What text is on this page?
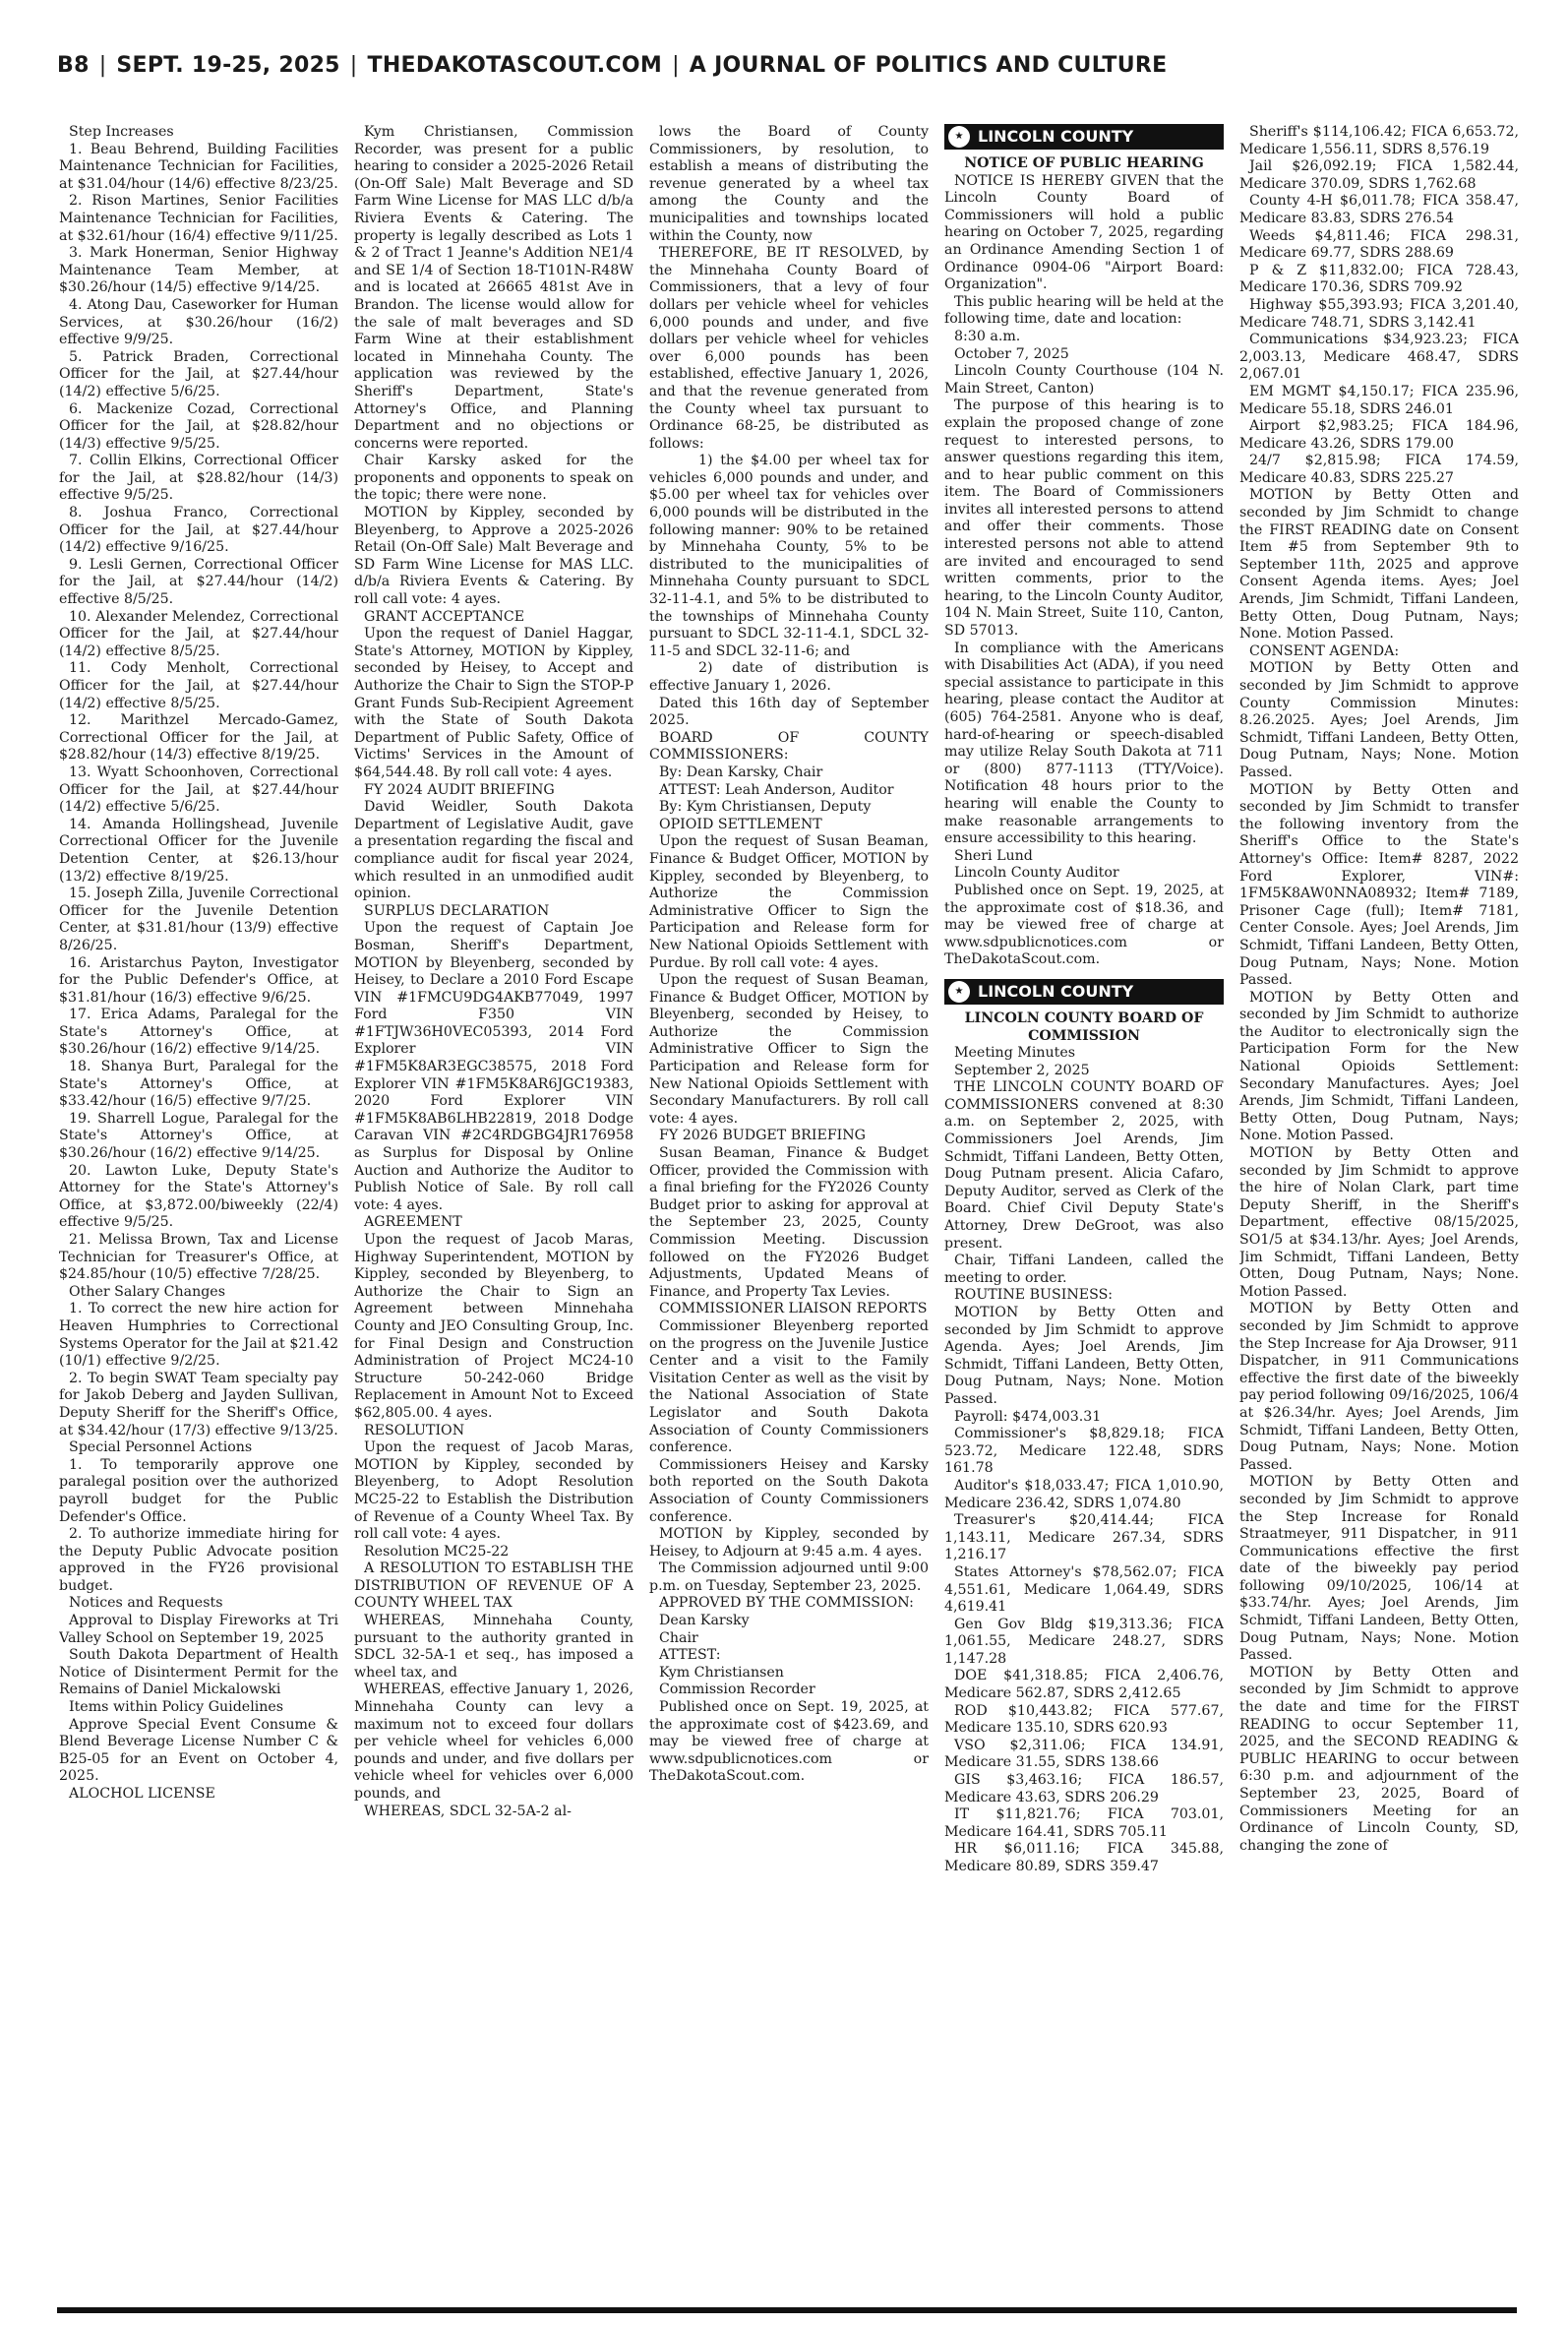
B8 | SEPT. 19-25, 2025 | THEDAKOTASCOUT.COM | A JOURNAL OF POLITICS AND CULTURE

Step Increases

1. Beau Behrend, Building Facilities Maintenance Technician for Facilities, at $31.04/hour (14/6) effective 8/23/25.

2. Rison Martines, Senior Facilities Maintenance Technician for Facilities, at $32.61/hour (16/4) effective 9/11/25.

3. Mark Honerman, Senior Highway Maintenance Team Member, at $30.26/hour (14/5) effective 9/14/25.

4. Atong Dau, Caseworker for Human Services, at $30.26/hour (16/2) effective 9/9/25.

5. Patrick Braden, Correctional Officer for the Jail, at $27.44/hour (14/2) effective 5/6/25.

6. Mackenize Cozad, Correctional Officer for the Jail, at $28.82/hour (14/3) effective 9/5/25.

7. Collin Elkins, Correctional Officer for the Jail, at $28.82/hour (14/3) effective 9/5/25.

8. Joshua Franco, Correctional Officer for the Jail, at $27.44/hour (14/2) effective 9/16/25.

9. Lesli Gernen, Correctional Officer for the Jail, at $27.44/hour (14/2) effective 8/5/25.

10. Alexander Melendez, Correctional Officer for the Jail, at $27.44/hour (14/2) effective 8/5/25.

11. Cody Menholt, Correctional Officer for the Jail, at $27.44/hour (14/2) effective 8/5/25.

12. Marithzel Mercado-Gamez, Correctional Officer for the Jail, at $28.82/hour (14/3) effective 8/19/25.

13. Wyatt Schoonhoven, Correctional Officer for the Jail, at $27.44/hour (14/2) effective 5/6/25.

14. Amanda Hollingshead, Juvenile Correctional Officer for the Juvenile Detention Center, at $26.13/hour (13/2) effective 8/19/25.

15. Joseph Zilla, Juvenile Correctional Officer for the Juvenile Detention Center, at $31.81/hour (13/9) effective 8/26/25.

16. Aristarchus Payton, Investigator for the Public Defender's Office, at $31.81/hour (16/3) effective 9/6/25.

17. Erica Adams, Paralegal for the State's Attorney's Office, at $30.26/hour (16/2) effective 9/14/25.

18. Shanya Burt, Paralegal for the State's Attorney's Office, at $33.42/hour (16/5) effective 9/7/25.

19. Sharrell Logue, Paralegal for the State's Attorney's Office, at $30.26/hour (16/2) effective 9/14/25.

20. Lawton Luke, Deputy State's Attorney for the State's Attorney's Office, at $3,872.00/biweekly (22/4) effective 9/5/25.

21. Melissa Brown, Tax and License Technician for Treasurer's Office, at $24.85/hour (10/5) effective 7/28/25.

Other Salary Changes

1. To correct the new hire action for Heaven Humphries to Correctional Systems Operator for the Jail at $21.42 (10/1) effective 9/2/25.

2. To begin SWAT Team specialty pay for Jakob Deberg and Jayden Sullivan, Deputy Sheriff for the Sheriff's Office, at $34.42/hour (17/3) effective 9/13/25.

Special Personnel Actions

1. To temporarily approve one paralegal position over the authorized payroll budget for the Public Defender's Office.

2. To authorize immediate hiring for the Deputy Public Advocate position approved in the FY26 provisional budget.

Notices and Requests

Approval to Display Fireworks at Tri Valley School on September 19, 2025

South Dakota Department of Health Notice of Disinterment Permit for the Remains of Daniel Mickalowski

Items within Policy Guidelines

Approve Special Event Consume & Blend Beverage License Number C & B25-05 for an Event on October 4, 2025.

ALOCHOL LICENSE

Kym Christiansen, Commission Recorder, was present for a public hearing to consider a 2025-2026 Retail (On-Off Sale) Malt Beverage and SD Farm Wine License for MAS LLC d/b/a Riviera Events & Catering. The property is legally described as Lots 1 & 2 of Tract 1 Jeanne's Addition NE1/4 and SE 1/4 of Section 18-T101N-R48W and is located at 26665 481st Ave in Brandon. The license would allow for the sale of malt beverages and SD Farm Wine at their establishment located in Minnehaha County. The application was reviewed by the Sheriff's Department, State's Attorney's Office, and Planning Department and no objections or concerns were reported.

Chair Karsky asked for the proponents and opponents to speak on the topic; there were none.

MOTION by Kippley, seconded by Bleyenberg, to Approve a 2025-2026 Retail (On-Off Sale) Malt Beverage and SD Farm Wine License for MAS LLC. d/b/a Riviera Events & Catering. By roll call vote: 4 ayes.

GRANT ACCEPTANCE

Upon the request of Daniel Haggar, State's Attorney, MOTION by Kippley, seconded by Heisey, to Accept and Authorize the Chair to Sign the STOP-P Grant Funds Sub-Recipient Agreement with the State of South Dakota Department of Public Safety, Office of Victims' Services in the Amount of $64,544.48. By roll call vote: 4 ayes.

FY 2024 AUDIT BRIEFING

David Weidler, South Dakota Department of Legislative Audit, gave a presentation regarding the fiscal and compliance audit for fiscal year 2024, which resulted in an unmodified audit opinion.

SURPLUS DECLARATION

Upon the request of Captain Joe Bosman, Sheriff's Department, MOTION by Bleyenberg, seconded by Heisey, to Declare a 2010 Ford Escape VIN #1FMCU9DG4AKB77049, 1997 Ford F350 VIN #1FTJW36H0VEC05393, 2014 Ford Explorer VIN #1FM5K8AR3EGC38575, 2018 Ford Explorer VIN #1FM5K8AR6JGC19383, 2020 Ford Explorer VIN #1FM5K8AB6LHB22819, 2018 Dodge Caravan VIN #2C4RDGBG4JR176958 as Surplus for Disposal by Online Auction and Authorize the Auditor to Publish Notice of Sale. By roll call vote: 4 ayes.

AGREEMENT

Upon the request of Jacob Maras, Highway Superintendent, MOTION by Kippley, seconded by Bleyenberg, to Authorize the Chair to Sign an Agreement between Minnehaha County and JEO Consulting Group, Inc. for Final Design and Construction Administration of Project MC24-10 Structure 50-242-060 Bridge Replacement in Amount Not to Exceed $62,805.00. 4 ayes.

RESOLUTION

Upon the request of Jacob Maras, MOTION by Kippley, seconded by Bleyenberg, to Adopt Resolution MC25-22 to Establish the Distribution of Revenue of a County Wheel Tax. By roll call vote: 4 ayes.

Resolution MC25-22

A RESOLUTION TO ESTABLISH THE DISTRIBUTION OF REVENUE OF A COUNTY WHEEL TAX

WHEREAS, Minnehaha County, pursuant to the authority granted in SDCL 32-5A-1 et seq., has imposed a wheel tax, and

WHEREAS, effective January 1, 2026, Minnehaha County can levy a maximum not to exceed four dollars per vehicle wheel for vehicles 6,000 pounds and under, and five dollars per vehicle wheel for vehicles over 6,000 pounds, and

WHEREAS, SDCL 32-5A-2 al-

lows the Board of County Commissioners, by resolution, to establish a means of distributing the revenue generated by a wheel tax among the County and the municipalities and townships located within the County, now

THEREFORE, BE IT RESOLVED, by the Minnehaha County Board of Commissioners, that a levy of four dollars per vehicle wheel for vehicles 6,000 pounds and under, and five dollars per vehicle wheel for vehicles over 6,000 pounds has been established, effective January 1, 2026, and that the revenue generated from the County wheel tax pursuant to Ordinance 68-25, be distributed as follows:

1) the $4.00 per wheel tax for vehicles 6,000 pounds and under, and $5.00 per wheel tax for vehicles over 6,000 pounds will be distributed in the following manner: 90% to be retained by Minnehaha County, 5% to be distributed to the municipalities of Minnehaha County pursuant to SDCL 32-11-4.1, and 5% to be distributed to the townships of Minnehaha County pursuant to SDCL 32-11-4.1, SDCL 32-11-5 and SDCL 32-11-6; and

2) date of distribution is effective January 1, 2026.

Dated this 16th day of September 2025.

BOARD OF COUNTY COMMISSIONERS:

By: Dean Karsky, Chair

ATTEST: Leah Anderson, Auditor

By: Kym Christiansen, Deputy

OPIOID SETTLEMENT

Upon the request of Susan Beaman, Finance & Budget Officer, MOTION by Kippley, seconded by Bleyenberg, to Authorize the Commission Administrative Officer to Sign the Participation and Release form for New National Opioids Settlement with Purdue. By roll call vote: 4 ayes.

Upon the request of Susan Beaman, Finance & Budget Officer, MOTION by Bleyenberg, seconded by Heisey, to Authorize the Commission Administrative Officer to Sign the Participation and Release form for New National Opioids Settlement with Secondary Manufacturers. By roll call vote: 4 ayes.

FY 2026 BUDGET BRIEFING

Susan Beaman, Finance & Budget Officer, provided the Commission with a final briefing for the FY2026 County Budget prior to asking for approval at the September 23, 2025, County Commission Meeting. Discussion followed on the FY2026 Budget Adjustments, Updated Means of Finance, and Property Tax Levies.

COMMISSIONER LIAISON REPORTS

Commissioner Bleyenberg reported on the progress on the Juvenile Justice Center and a visit to the Family Visitation Center as well as the visit by the National Association of State Legislator and South Dakota Association of County Commissioners conference.

Commissioners Heisey and Karsky both reported on the South Dakota Association of County Commissioners conference.

MOTION by Kippley, seconded by Heisey, to Adjourn at 9:45 a.m. 4 ayes.

The Commission adjourned until 9:00 p.m. on Tuesday, September 23, 2025.

APPROVED BY THE COMMISSION:

Dean Karsky

Chair

ATTEST:

Kym Christiansen

Commission Recorder

Published once on Sept. 19, 2025, at the approximate cost of $423.69, and may be viewed free of charge at www.sdpublicnotices.com or TheDakotaScout.com.

★ LINCOLN COUNTY

NOTICE OF PUBLIC HEARING

NOTICE IS HEREBY GIVEN that the Lincoln County Board of Commissioners will hold a public hearing on October 7, 2025, regarding an Ordinance Amending Section 1 of Ordinance 0904-06 "Airport Board: Organization".

This public hearing will be held at the following time, date and location:

8:30 a.m.

October 7, 2025

Lincoln County Courthouse (104 N. Main Street, Canton)

The purpose of this hearing is to explain the proposed change of zone request to interested persons, to answer questions regarding this item, and to hear public comment on this item. The Board of Commissioners invites all interested persons to attend and offer their comments. Those interested persons not able to attend are invited and encouraged to send written comments, prior to the hearing, to the Lincoln County Auditor, 104 N. Main Street, Suite 110, Canton, SD 57013.

In compliance with the Americans with Disabilities Act (ADA), if you need special assistance to participate in this hearing, please contact the Auditor at (605) 764-2581. Anyone who is deaf, hard-of-hearing or speech-disabled may utilize Relay South Dakota at 711 or (800) 877-1113 (TTY/Voice). Notification 48 hours prior to the hearing will enable the County to make reasonable arrangements to ensure accessibility to this hearing.

Sheri Lund

Lincoln County Auditor

Published once on Sept. 19, 2025, at the approximate cost of $18.36, and may be viewed free of charge at www.sdpublicnotices.com or TheDakotaScout.com.

★ LINCOLN COUNTY

LINCOLN COUNTY BOARD OF COMMISSION

Meeting Minutes

September 2, 2025

THE LINCOLN COUNTY BOARD OF COMMISSIONERS convened at 8:30 a.m. on September 2, 2025, with Commissioners Joel Arends, Jim Schmidt, Tiffani Landeen, Betty Otten, Doug Putnam present. Alicia Cafaro, Deputy Auditor, served as Clerk of the Board. Chief Civil Deputy State's Attorney, Drew DeGroot, was also present.

Chair, Tiffani Landeen, called the meeting to order.

ROUTINE BUSINESS:

MOTION by Betty Otten and seconded by Jim Schmidt to approve Agenda. Ayes; Joel Arends, Jim Schmidt, Tiffani Landeen, Betty Otten, Doug Putnam, Nays; None. Motion Passed.

Payroll: $474,003.31

Commissioner's $8,829.18; FICA 523.72, Medicare 122.48, SDRS 161.78

Auditor's $18,033.47; FICA 1,010.90, Medicare 236.42, SDRS 1,074.80

Treasurer's $20,414.44; FICA 1,143.11, Medicare 267.34, SDRS 1,216.17

States Attorney's $78,562.07; FICA 4,551.61, Medicare 1,064.49, SDRS 4,619.41

Gen Gov Bldg $19,313.36; FICA 1,061.55, Medicare 248.27, SDRS 1,147.28

DOE $41,318.85; FICA 2,406.76, Medicare 562.87, SDRS 2,412.65

ROD $10,443.82; FICA 577.67, Medicare 135.10, SDRS 620.93

VSO $2,311.06; FICA 134.91, Medicare 31.55, SDRS 138.66

GIS $3,463.16; FICA 186.57, Medicare 43.63, SDRS 206.29

IT $11,821.76; FICA 703.01, Medicare 164.41, SDRS 705.11

HR $6,011.16; FICA 345.88, Medicare 80.89, SDRS 359.47

Sheriff's $114,106.42; FICA 6,653.72, Medicare 1,556.11, SDRS 8,576.19

Jail $26,092.19; FICA 1,582.44, Medicare 370.09, SDRS 1,762.68

County 4-H $6,011.78; FICA 358.47, Medicare 83.83, SDRS 276.54

Weeds $4,811.46; FICA 298.31, Medicare 69.77, SDRS 288.69

P & Z $11,832.00; FICA 728.43, Medicare 170.36, SDRS 709.92

Highway $55,393.93; FICA 3,201.40, Medicare 748.71, SDRS 3,142.41

Communications $34,923.23; FICA 2,003.13, Medicare 468.47, SDRS 2,067.01

EM MGMT $4,150.17; FICA 235.96, Medicare 55.18, SDRS 246.01

Airport $2,983.25; FICA 184.96, Medicare 43.26, SDRS 179.00

24/7 $2,815.98; FICA 174.59, Medicare 40.83, SDRS 225.27

MOTION by Betty Otten and seconded by Jim Schmidt to change the FIRST READING date on Consent Item #5 from September 9th to September 11th, 2025 and approve Consent Agenda items. Ayes; Joel Arends, Jim Schmidt, Tiffani Landeen, Betty Otten, Doug Putnam, Nays; None. Motion Passed.

CONSENT AGENDA:

MOTION by Betty Otten and seconded by Jim Schmidt to approve County Commission Minutes: 8.26.2025. Ayes; Joel Arends, Jim Schmidt, Tiffani Landeen, Betty Otten, Doug Putnam, Nays; None. Motion Passed.

MOTION by Betty Otten and seconded by Jim Schmidt to transfer the following inventory from the Sheriff's Office to the State's Attorney's Office: Item# 8287, 2022 Ford Explorer, VIN#: 1FM5K8AW0NNA08932; Item# 7189, Prisoner Cage (full); Item# 7181, Center Console. Ayes; Joel Arends, Jim Schmidt, Tiffani Landeen, Betty Otten, Doug Putnam, Nays; None. Motion Passed.

MOTION by Betty Otten and seconded by Jim Schmidt to authorize the Auditor to electronically sign the Participation Form for the New National Opioids Settlement: Secondary Manufactures. Ayes; Joel Arends, Jim Schmidt, Tiffani Landeen, Betty Otten, Doug Putnam, Nays; None. Motion Passed.

MOTION by Betty Otten and seconded by Jim Schmidt to approve the hire of Nolan Clark, part time Deputy Sheriff, in the Sheriff's Department, effective 08/15/2025, SO1/5 at $34.13/hr. Ayes; Joel Arends, Jim Schmidt, Tiffani Landeen, Betty Otten, Doug Putnam, Nays; None. Motion Passed.

MOTION by Betty Otten and seconded by Jim Schmidt to approve the Step Increase for Aja Drowser, 911 Dispatcher, in 911 Communications effective the first date of the biweekly pay period following 09/16/2025, 106/4 at $26.34/hr. Ayes; Joel Arends, Jim Schmidt, Tiffani Landeen, Betty Otten, Doug Putnam, Nays; None. Motion Passed.

MOTION by Betty Otten and seconded by Jim Schmidt to approve the Step Increase for Ronald Straatmeyer, 911 Dispatcher, in 911 Communications effective the first date of the biweekly pay period following 09/10/2025, 106/14 at $33.74/hr. Ayes; Joel Arends, Jim Schmidt, Tiffani Landeen, Betty Otten, Doug Putnam, Nays; None. Motion Passed.

MOTION by Betty Otten and seconded by Jim Schmidt to approve the date and time for the FIRST READING to occur September 11, 2025, and the SECOND READING & PUBLIC HEARING to occur between 6:30 p.m. and adjournment of the September 23, 2025, Board of Commissioners Meeting for an Ordinance of Lincoln County, SD, changing the zone of
